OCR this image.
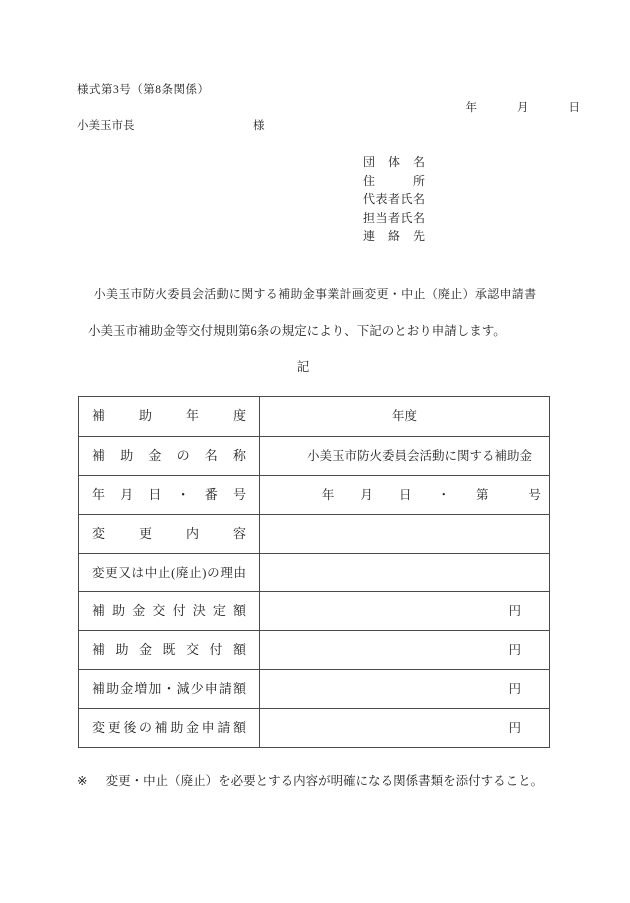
様式第3号（第8条関係）
年	月	日
小美玉市長	様
団体名
住所
代表者氏名
担当者氏名
連絡先
小美玉市防火委員会活動に関する補助金事業計画変更・中止（廃止）承認申請書
小美玉市補助金等交付規則第6条の規定により、下記のとおり申請します。
記
補助年度	年度
補助金の名称	小美玉市防火委員会活動に関する補助金
年月日・番号	年 月 日 ・ 第	号
変更内容
変更又は中止(廃止)の理由
補助金交付決定額	円
補助金既交付額	円
補助金増加・減少申請額	円
変更後の補助金申請額	円
※ 変更・中止（廃止）を必要とする内容が明確になる関係書類を添付すること。
